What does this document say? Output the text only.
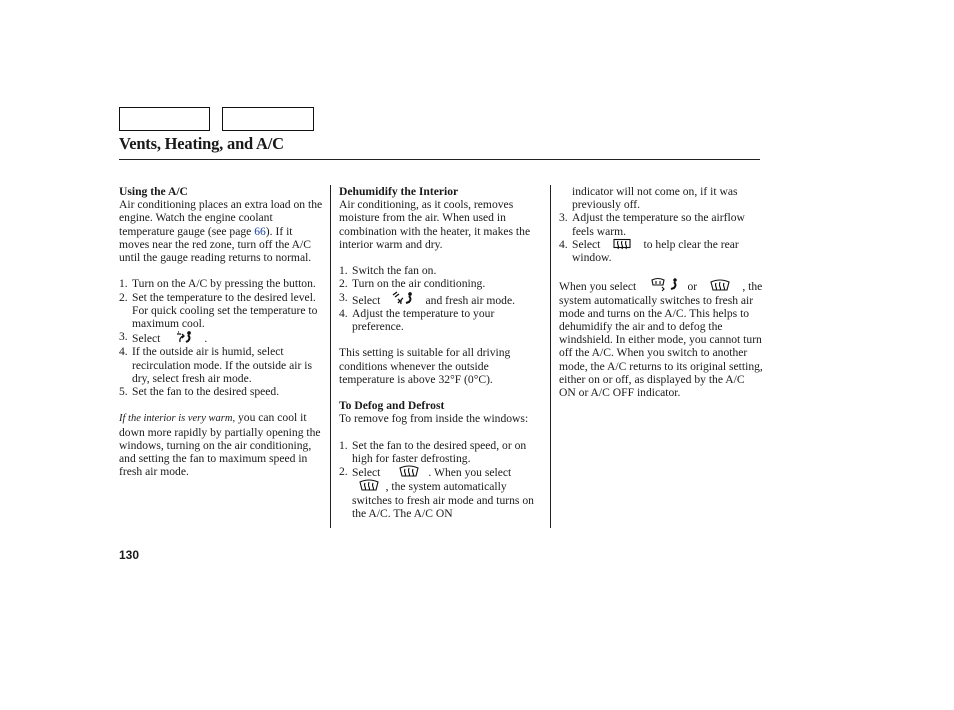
Vents, Heating, and A/C

Using the A/C

Air conditioning places an extra load on the engine. Watch the engine coolant temperature gauge (see page 66). If it moves near the red zone, turn off the A/C until the gauge reading returns to normal.

1. Turn on the A/C by pressing the button.
2. Set the temperature to the desired level. For quick cooling set the temperature to maximum cool.
3. Select	.
4. If the outside air is humid, select recirculation mode. If the outside air is dry, select fresh air mode.
5. Set the fan to the desired speed.

If the interior is very warm, you can cool it down more rapidly by partially opening the windows, turning on the air conditioning, and setting the fan to maximum speed in fresh air mode.

Dehumidify the Interior

Air conditioning, as it cools, removes moisture from the air. When used in combination with the heater, it makes the interior warm and dry.

1. Switch the fan on.
2. Turn on the air conditioning.
3. Select	and fresh air mode.
4. Adjust the temperature to your preference.

This setting is suitable for all driving conditions whenever the outside temperature is above 32°F (0°C).

To Defog and Defrost

To remove fog from inside the windows:

1. Set the fan to the desired speed, or on high for faster defrosting.
2. Select	. When you select
, the system automatically switches to fresh air mode and turns on the A/C. The A/C ON
indicator will not come on, if it was previously off.
3. Adjust the temperature so the airflow feels warm.
4. Select	to help clear the rear window.

When you select	or	, the system automatically switches to fresh air mode and turns on the A/C. This helps to dehumidify the air and to defog the windshield. In either mode, you cannot turn off the A/C. When you switch to another mode, the A/C returns to its original setting, either on or off, as displayed by the A/C ON or A/C OFF indicator.

130
